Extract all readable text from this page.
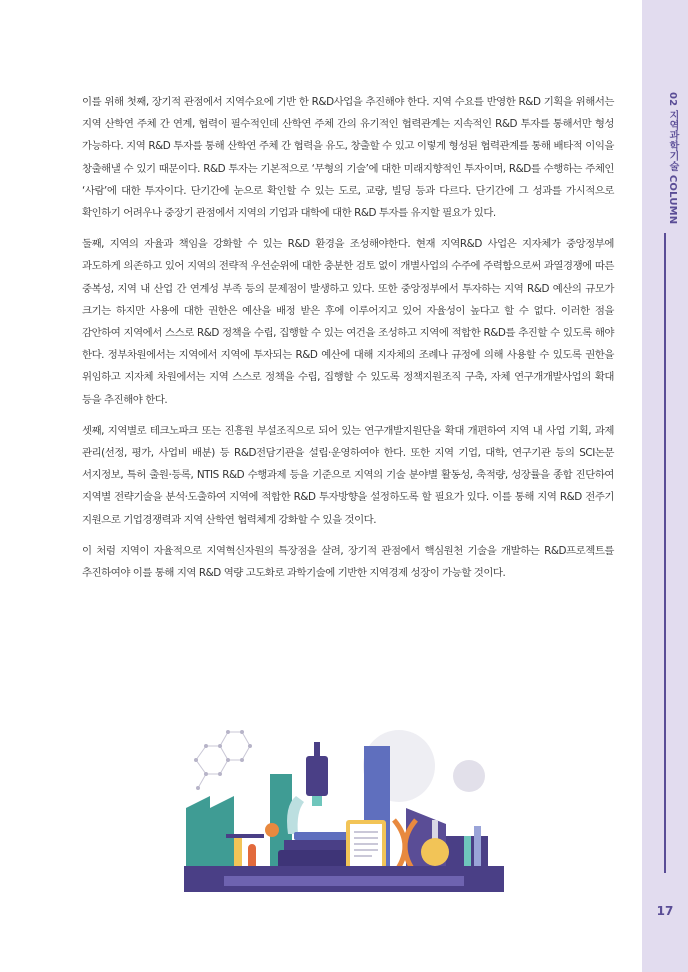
02 지역과학기술 COLUMN
17

이를 위해 첫째, 장기적 관점에서 지역수요에 기반 한 R&D사업을 추진해야 한다. 지역 수요를 반영한 R&D 기획을 위해서는 지역 산학연 주체 간 연계, 협력이 필수적인데 산학연 주체 간의 유기적인 협력관계는 지속적인 R&D 투자를 통해서만 형성 가능하다. 지역 R&D 투자를 통해 산학연 주체 간 협력을 유도, 창출할 수 있고 이렇게 형성된 협력관계를 통해 배타적 이익을 창출해낼 수 있기 때문이다. R&D 투자는 기본적으로 ‘무형의 기술’에 대한 미래지향적인 투자이며, R&D를 수행하는 주체인 ‘사람’에 대한 투자이다. 단기간에 눈으로 확인할 수 있는 도로, 교량, 빌딩 등과 다르다. 단기간에 그 성과를 가시적으로 확인하기 어려우나 중장기 관점에서 지역의 기업과 대학에 대한 R&D 투자를 유지할 필요가 있다.

둘째, 지역의 자율과 책임을 강화할 수 있는 R&D 환경을 조성해야한다. 현재 지역R&D 사업은 지자체가 중앙정부에 과도하게 의존하고 있어 지역의 전략적 우선순위에 대한 충분한 검토 없이 개별사업의 수주에 주력함으로써 과열경쟁에 따른 중복성, 지역 내 산업 간 연계성 부족 등의 문제점이 발생하고 있다. 또한 중앙정부에서 투자하는 지역 R&D 예산의 규모가 크기는 하지만 사용에 대한 권한은 예산을 배정 받은 후에 이루어지고 있어 자율성이 높다고 할 수 없다. 이러한 점을 감안하여 지역에서 스스로 R&D 정책을 수립, 집행할 수 있는 여건을 조성하고 지역에 적합한 R&D를 추진할 수 있도록 해야 한다. 정부차원에서는 지역에서 지역에 투자되는 R&D 예산에 대해 지자체의 조례나 규정에 의해 사용할 수 있도록 권한을 위임하고 지자체 차원에서는 지역 스스로 정책을 수립, 집행할 수 있도록 정책지원조직 구축, 자체 연구개개발사업의 확대 등을 추진해야 한다.

셋째, 지역별로 테크노파크 또는 진흥원 부설조직으로 되어 있는 연구개발지원단을 확대 개편하여 지역 내 사업 기획, 과제 관리(선정, 평가, 사업비 배분) 등 R&D전담기관을 설립·운영하여야 한다. 또한 지역 기업, 대학, 연구기관 등의 SCI논문 서지정보, 특허 출원·등록, NTIS R&D 수행과제 등을 기준으로 지역의 기술 분야별 활동성, 축적량, 성장률을 종합 진단하여 지역별 전략기술을 분석·도출하여 지역에 적합한 R&D 투자방향을 설정하도록 할 필요가 있다. 이를 통해 지역 R&D 전주기 지원으로 기업경쟁력과 지역 산학연 협력체계 강화할 수 있을 것이다.

이 처럼 지역이 자율적으로 지역혁신자원의 특장점을 살려, 장기적 관점에서 핵심원천 기술을 개발하는 R&D프로젝트를 추진하여야 이를 통해 지역 R&D 역량 고도화로 과학기술에 기반한 지역경제 성장이 가능할 것이다.
